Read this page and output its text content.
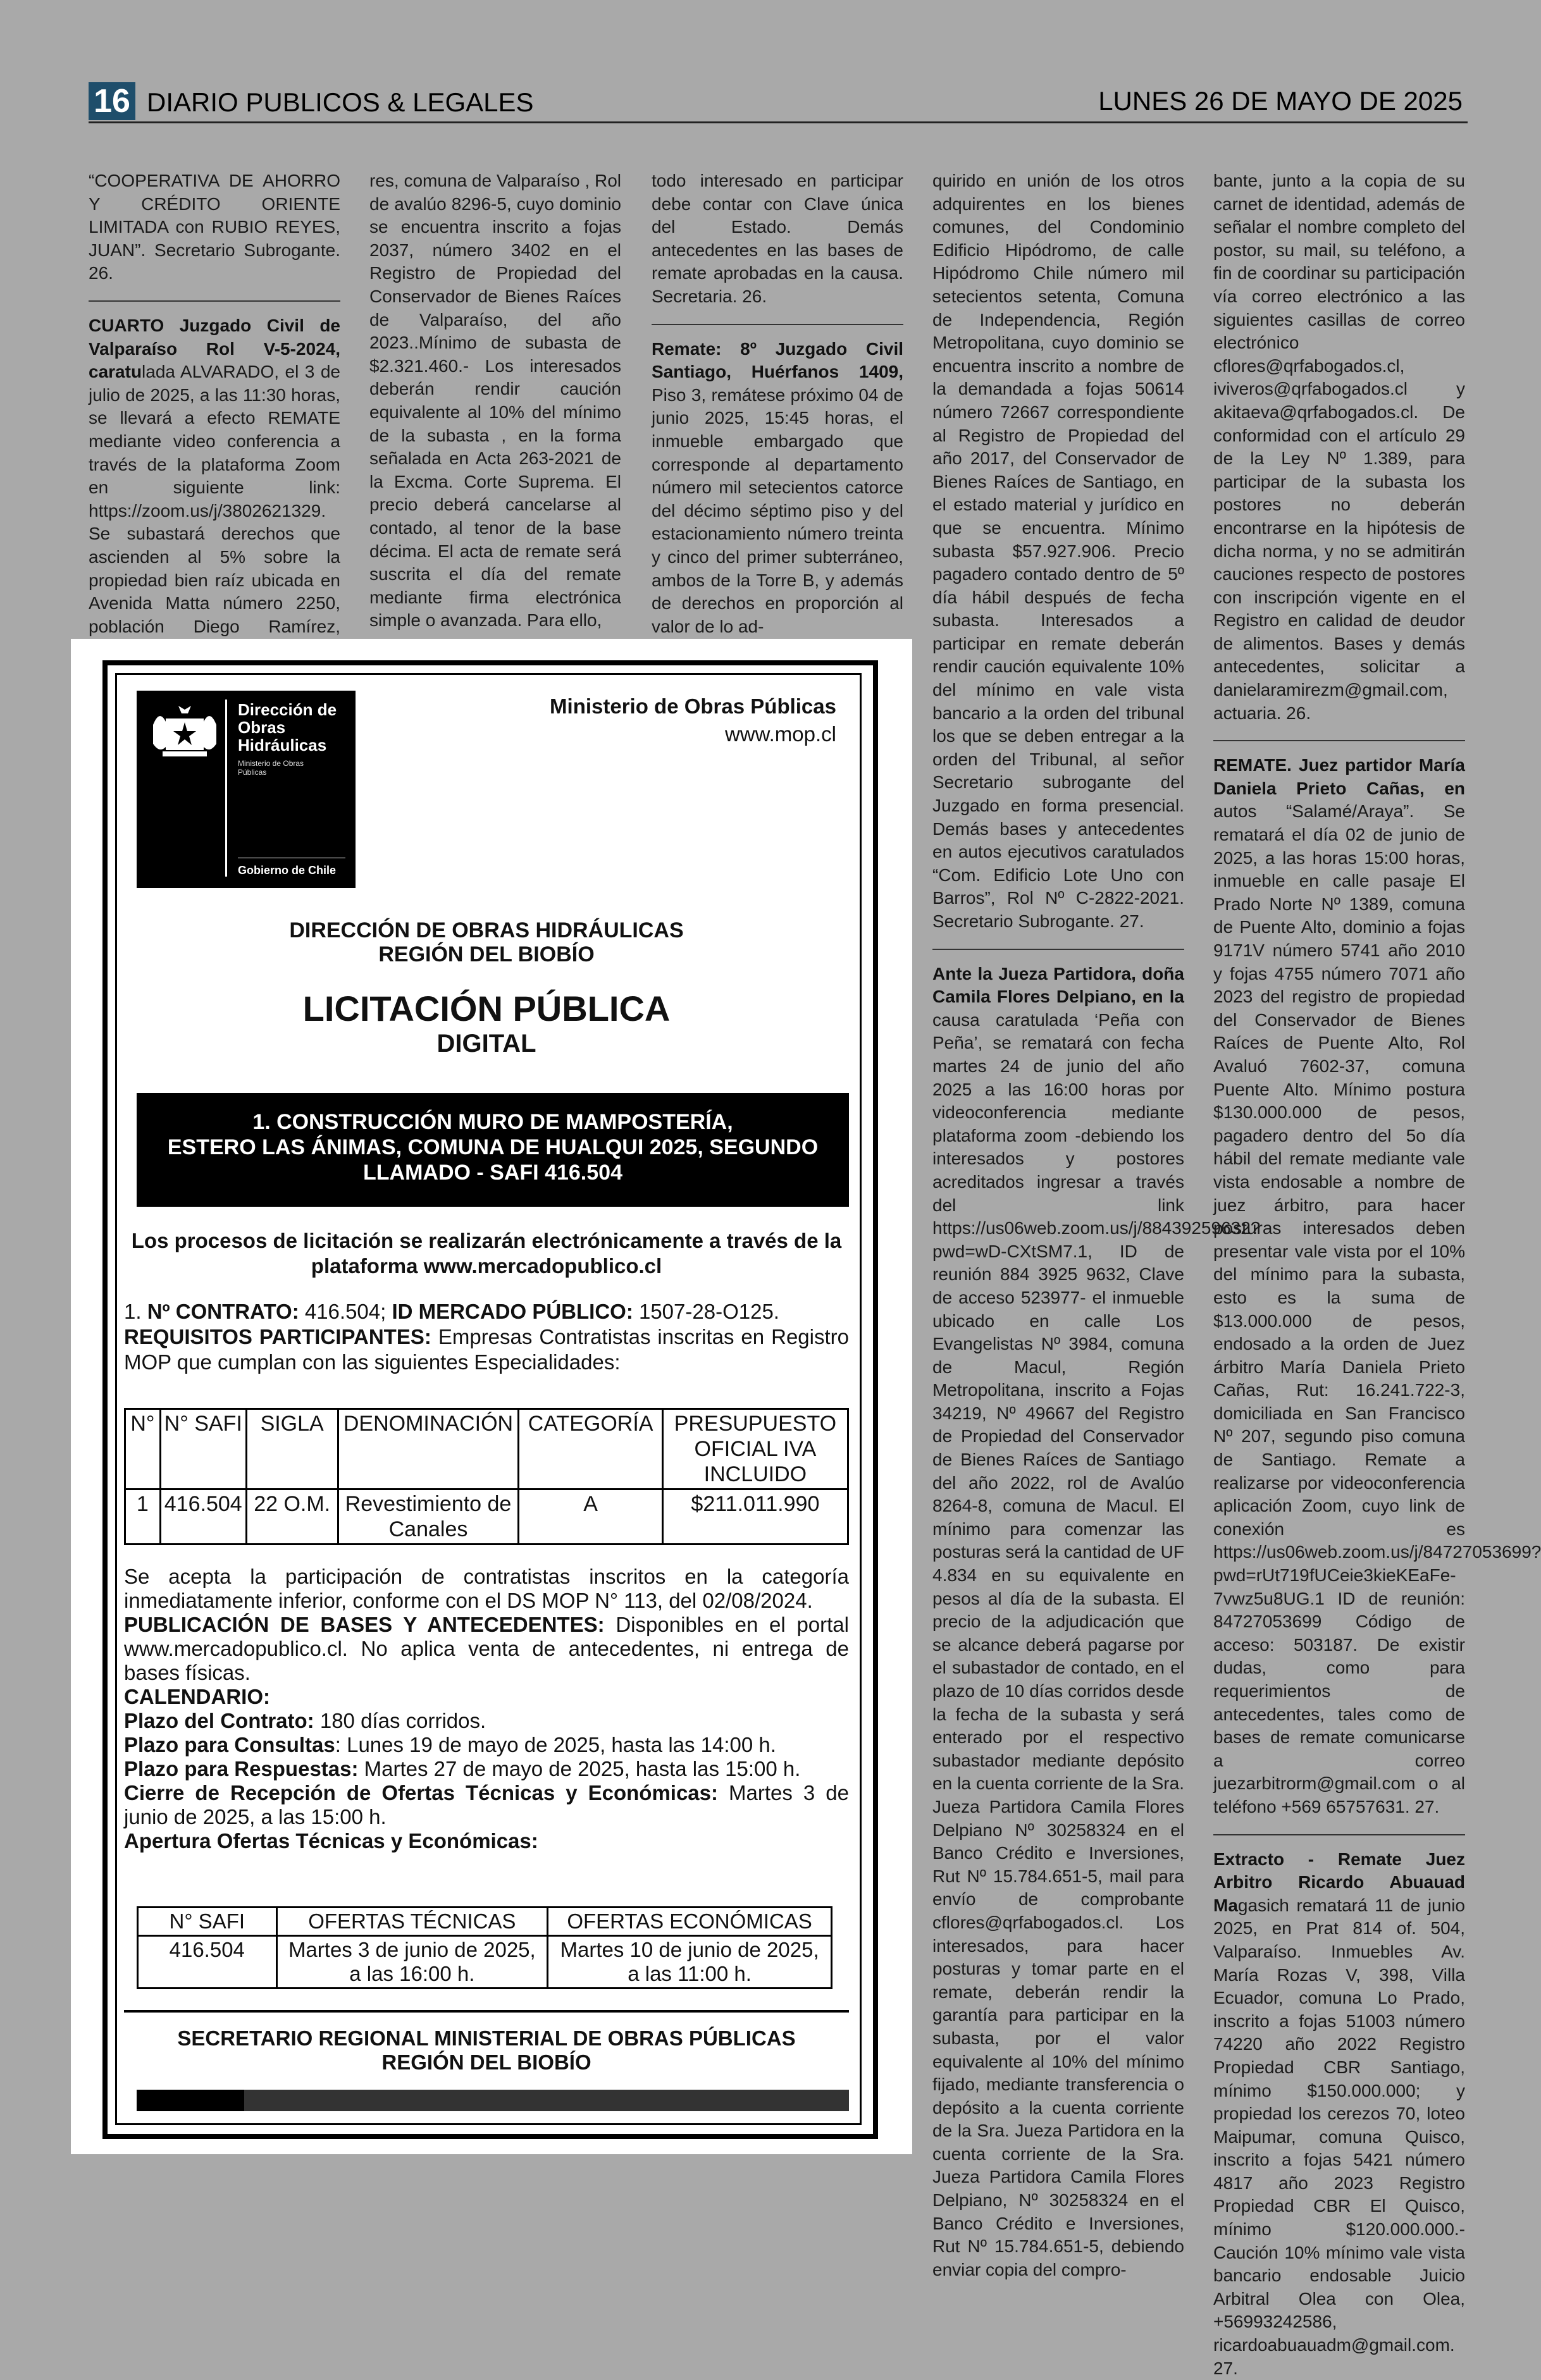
16 DIARIO PUBLICOS & LEGALES	LUNES 26 DE MAYO DE 2025

“COOPERATIVA DE AHORRO Y CRÉDITO ORIENTE LIMITADA con RUBIO REYES, JUAN”. Secretario Subrogante. 26.

CUARTO Juzgado Civil de Valparaíso Rol V-5-2024, caratulada ALVARADO, el 3 de julio de 2025, a las 11:30 horas, se llevará a efecto REMATE mediante video conferencia a través de la plataforma Zoom en siguiente link: https://zoom.us/j/3802621329. Se subastará derechos que ascienden al 5% sobre la propiedad bien raíz ubicada en Avenida Matta número 2250, población Diego Ramírez,

res, comuna de Valparaíso , Rol de avalúo 8296-5, cuyo dominio se encuentra inscrito a fojas 2037, número 3402 en el Registro de Propiedad del Conservador de Bienes Raíces de Valparaíso, del año 2023..Mínimo de subasta de $2.321.460.- Los interesados deberán rendir caución equivalente al 10% del mínimo de la subasta , en la forma señalada en Acta 263-2021 de la Excma. Corte Suprema. El precio deberá cancelarse al contado, al tenor de la base décima. El acta de remate será suscrita el día del remate mediante firma electrónica simple o avanzada. Para ello,

todo interesado en participar debe contar con Clave única del Estado. Demás antecedentes en las bases de remate aprobadas en la causa. Secretaria. 26.

Remate: 8º Juzgado Civil Santiago, Huérfanos 1409, Piso 3, remátese próximo 04 de junio 2025, 15:45 horas, el inmueble embargado que corresponde al departamento número mil setecientos catorce del décimo séptimo piso y del estacionamiento número treinta y cinco del primer subterráneo, ambos de la Torre B, y además de derechos en proporción al valor de lo ad-

quirido en unión de los otros adquirentes en los bienes comunes, del Condominio Edificio Hipódromo, de calle Hipódromo Chile número mil setecientos setenta, Comuna de Independencia, Región Metropolitana, cuyo dominio se encuentra inscrito a nombre de la demandada a fojas 50614 número 72667 correspondiente al Registro de Propiedad del año 2017, del Conservador de Bienes Raíces de Santiago, en el estado material y jurídico en que se encuentra. Mínimo subasta $57.927.906. Precio pagadero contado dentro de 5º día hábil después de fecha subasta. Interesados a participar en remate deberán rendir caución equivalente 10% del mínimo en vale vista bancario a la orden del tribunal los que se deben entregar a la orden del Tribunal, al señor Secretario subrogante del Juzgado en forma presencial. Demás bases y antecedentes en autos ejecutivos caratulados “Com. Edificio Lote Uno con Barros”, Rol Nº C-2822-2021. Secretario Subrogante. 27.

Ante la Jueza Partidora, doña Camila Flores Delpiano, en la causa caratulada ‘Peña con Peña’, se rematará con fecha martes 24 de junio del año 2025 a las 16:00 horas por videoconferencia mediante plataforma zoom -debiendo los interesados y postores acreditados ingresar a través del link https://us06web.zoom.us/j/88439259632?pwd=wD-CXtSM7.1, ID de reunión 884 3925 9632, Clave de acceso 523977- el inmueble ubicado en calle Los Evangelistas Nº 3984, comuna de Macul, Región Metropolitana, inscrito a Fojas 34219, Nº 49667 del Registro de Propiedad del Conservador de Bienes Raíces de Santiago del año 2022, rol de Avalúo 8264-8, comuna de Macul. El mínimo para comenzar las posturas será la cantidad de UF 4.834 en su equivalente en pesos al día de la subasta. El precio de la adjudicación que se alcance deberá pagarse por el subastador de contado, en el plazo de 10 días corridos desde la fecha de la subasta y será enterado por el respectivo subastador mediante depósito en la cuenta corriente de la Sra. Jueza Partidora Camila Flores Delpiano Nº 30258324 en el Banco Crédito e Inversiones, Rut Nº 15.784.651-5, mail para envío de comprobante cflores@qrfabogados.cl. Los interesados, para hacer posturas y tomar parte en el remate, deberán rendir la garantía para participar en la subasta, por el valor equivalente al 10% del mínimo fijado, mediante transferencia o depósito a la cuenta corriente de la Sra. Jueza Partidora en la cuenta corriente de la Sra. Jueza Partidora Camila Flores Delpiano, Nº 30258324 en el Banco Crédito e Inversiones, Rut Nº 15.784.651-5, debiendo enviar copia del compro-

bante, junto a la copia de su carnet de identidad, además de señalar el nombre completo del postor, su mail, su teléfono, a fin de coordinar su participación vía correo electrónico a las siguientes casillas de correo electrónico cflores@qrfabogados.cl, iviveros@qrfabogados.cl y akitaeva@qrfabogados.cl. De conformidad con el artículo 29 de la Ley Nº 1.389, para participar de la subasta los postores no deberán encontrarse en la hipótesis de dicha norma, y no se admitirán cauciones respecto de postores con inscripción vigente en el Registro en calidad de deudor de alimentos. Bases y demás antecedentes, solicitar a danielaramirezm@gmail.com, actuaria. 26.

REMATE. Juez partidor María Daniela Prieto Cañas, en autos “Salamé/Araya”. Se rematará el día 02 de junio de 2025, a las horas 15:00 horas, inmueble en calle pasaje El Prado Norte Nº 1389, comuna de Puente Alto, dominio a fojas 9171V número 5741 año 2010 y fojas 4755 número 7071 año 2023 del registro de propiedad del Conservador de Bienes Raíces de Puente Alto, Rol Avaluó 7602-37, comuna Puente Alto. Mínimo postura $130.000.000 de pesos, pagadero dentro del 5o día hábil del remate mediante vale vista endosable a nombre de juez árbitro, para hacer posturas interesados deben presentar vale vista por el 10% del mínimo para la subasta, esto es la suma de $13.000.000 de pesos, endosado a la orden de Juez árbitro María Daniela Prieto Cañas, Rut: 16.241.722-3, domiciliada en San Francisco Nº 207, segundo piso comuna de Santiago. Remate a realizarse por videoconferencia aplicación Zoom, cuyo link de conexión es https://us06web.zoom.us/j/84727053699?pwd=rUt719fUCeie3kieKEaFe-7vwz5u8UG.1 ID de reunión: 84727053699 Código de acceso: 503187. De existir dudas, como para requerimientos de antecedentes, tales como de bases de remate comunicarse a correo juezarbitrorm@gmail.com o al teléfono +569 65757631. 27.

Extracto - Remate Juez Arbitro Ricardo Abuauad Magasich rematará 11 de junio 2025, en Prat 814 of. 504, Valparaíso. Inmuebles Av. María Rozas V, 398, Villa Ecuador, comuna Lo Prado, inscrito a fojas 51003 número 74220 año 2022 Registro Propiedad CBR Santiago, mínimo $150.000.000; y propiedad los cerezos 70, loteo Maipumar, comuna Quisco, inscrito a fojas 5421 número 4817 año 2023 Registro Propiedad CBR El Quisco, mínimo $120.000.000.- Caución 10% mínimo vale vista bancario endosable Juicio Arbitral Olea con Olea, +56993242586, ricardoabuauadm@gmail.com. 27.

Dirección de
Obras
Hidráulicas
Ministerio de Obras
Públicas
Gobierno de Chile
Ministerio de Obras Públicas
www.mop.cl
DIRECCIÓN DE OBRAS HIDRÁULICAS
REGIÓN DEL BIOBÍO
LICITACIÓN PÚBLICA
DIGITAL
1. CONSTRUCCIÓN MURO DE MAMPOSTERÍA,
ESTERO LAS ÁNIMAS, COMUNA DE HUALQUI 2025, SEGUNDO
LLAMADO - SAFI 416.504
Los procesos de licitación se realizarán electrónicamente a través de la plataforma www.mercadopublico.cl
1. Nº CONTRATO: 416.504; ID MERCADO PÚBLICO: 1507-28-O125.
REQUISITOS PARTICIPANTES: Empresas Contratistas inscritas en Registro MOP que cumplan con las siguientes Especialidades:
N°	N° SAFI	SIGLA	DENOMINACIÓN	CATEGORÍA	PRESUPUESTO OFICIAL IVA INCLUIDO
1	416.504	22 O.M.	Revestimiento de Canales	A	$211.011.990

Se acepta la participación de contratistas inscritos en la categoría inmediatamente inferior, conforme con el DS MOP N° 113, del 02/08/2024.

PUBLICACIÓN DE BASES Y ANTECEDENTES: Disponibles en el portal www.mercadopublico.cl. No aplica venta de antecedentes, ni entrega de bases físicas.

CALENDARIO:

Plazo del Contrato: 180 días corridos.

Plazo para Consultas: Lunes 19 de mayo de 2025, hasta las 14:00 h.

Plazo para Respuestas: Martes 27 de mayo de 2025, hasta las 15:00 h.

Cierre de Recepción de Ofertas Técnicas y Económicas: Martes 3 de junio de 2025, a las 15:00 h.

Apertura Ofertas Técnicas y Económicas:

N° SAFI	OFERTAS TÉCNICAS	OFERTAS ECONÓMICAS
416.504	Martes 3 de junio de 2025, a las 16:00 h.	Martes 10 de junio de 2025, a las 11:00 h.
SECRETARIO REGIONAL MINISTERIAL DE OBRAS PÚBLICAS
REGIÓN DEL BIOBÍO
